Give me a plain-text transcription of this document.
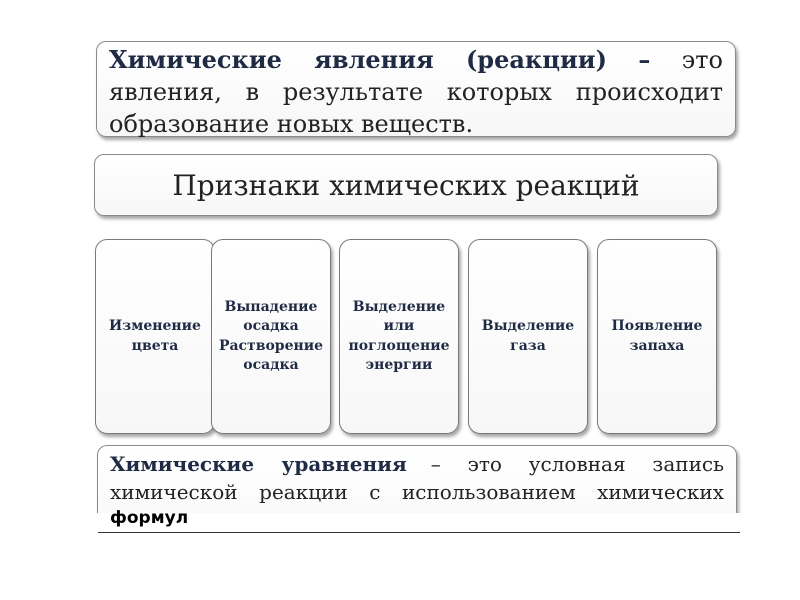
Химические явления (реакции) – это
явления, в результате которых происходит
образование новых веществ.
Признаки химических реакций
Изменение
цвета
Выпадение
осадка
Растворение
осадка
Выделение
или
поглощение
энергии
Выделение
газа
Появление
запаха
Химические уравнения – это условная запись
химической реакции с использованием химических
формул
